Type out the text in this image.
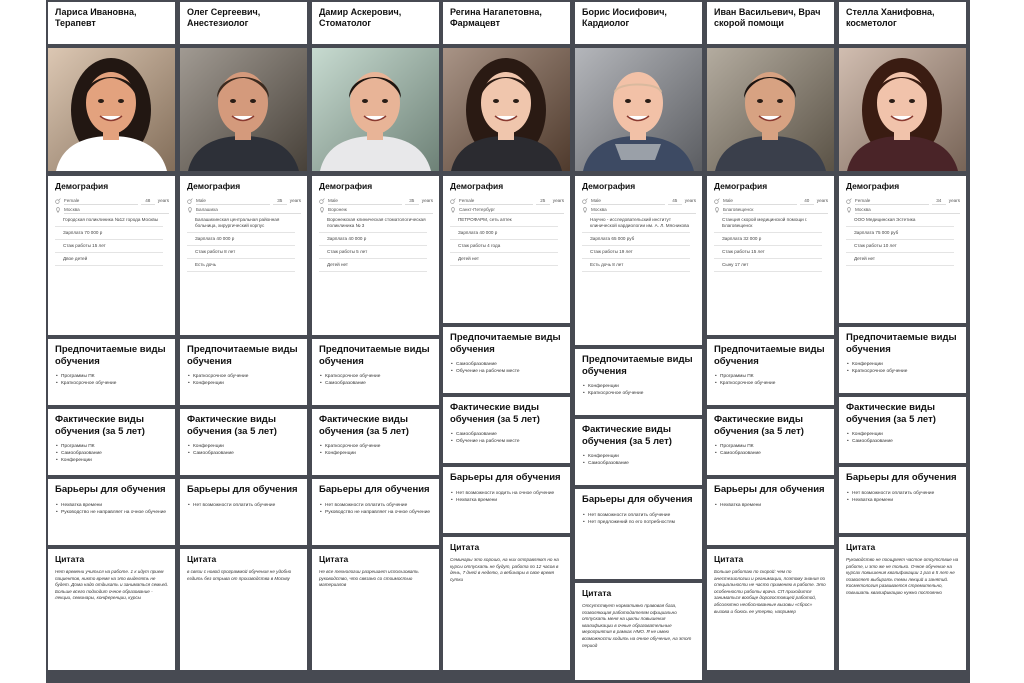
Лариса Ивановна, Терапевт
Демография
Female	48	years
Москва
Городская поликлиника №12 города Москвы
Зарплата 70 000 р
Стаж работы 15 лет
Двое детей
Предпочитаемые виды обучения
• Программы ПК
• Краткосрочное обучение
Фактические виды обучения (за 5 лет)
• Программы ПК
• Самообразование
• Конференции
Барьеры для обучения
• Нехватка времени
• Руководство не направляет на очное обучение
Цитата
Нет времени учиться на работе. 1 к идут прием пациентов, никто время на это выделять не будет. Дома надо отдыхать и заниматься семьей. Больше всего подходит очное образование - лекции, семинары, конференции, курсы
Олег Сергеевич, Анестезиолог
Демография
Male	35	years
Балашиха
Балашихинская центральная районная больница, хирургический корпус
Зарплата 40 000 р
Стаж работы 8 лет
Есть дочь
Предпочитаемые виды обучения
• Краткосрочное обучение
• Конференции
Фактические виды обучения (за 5 лет)
• Конференции
• Самообразование
Барьеры для обучения
• Нет возможности оплатить обучение
Цитата
в связи с новой программой обучения не удобно ездить без отрыва от производства в Москву
Дамир Аскерович, Стоматолог
Демография
Male	35	years
Воронеж
Воронежская клиническая стоматологическая поликлиника № 3
Зарплата 40 000 р
Стаж работы 5 лет
Детей нет
Предпочитаемые виды обучения
• Краткосрочное обучение
• Самообразование
Фактические виды обучения (за 5 лет)
• Краткосрочное обучение
• Конференции
Барьеры для обучения
• Нет возможности оплатить обучение
• Руководство не направляет на очное обучение
Цитата
Не все технологии разрешает использовать руководство, что связано со стоимостью материалов
Регина Нагапетовна, Фармацевт
Демография
Female	25	years
Санкт-Петербург
ПЕТРОФАРМ, сеть аптек
Зарплата 40 000 р
Стаж работы 4 года
Детей нет
Предпочитаемые виды обучения
• Самообразование
• Обучение на рабочем месте
Фактические виды обучения (за 5 лет)
• Самообразование
• Обучение на рабочем месте
Барьеры для обучения
• Нет возможности ходить на очное обучение
• Нехватка времени
Цитата
Семинары это хорошо, на них отправляют но на курсы отпускать не будут, работа по 12 часов в день, 7 дней в неделю, а вебинары в свое время сутки
Борис Иосифович, Кардиолог
Демография
Male	45	years
Москва
Научно - исследовательский институт клинической кардиологии им. А. Л. Мясникова
Зарплата 65 000 руб
Стаж работы 19 лет
Есть дочь 8 лет
Предпочитаемые виды обучения
• Конференции
• Краткосрочное обучение
Фактические виды обучения (за 5 лет)
• Конференции
• Самообразование
Барьеры для обучения
• Нет возможности оплатить обучение
• Нет предложений по его потребностям
Цитата
Отсутствует нормативно правовая база, позволяющая работодателям официально отпускать меня на циклы повышения квалификации в очные образовательные мероприятия в рамках НМО. Я не имею возможности ходить на очное обучение, на этот период
Иван Васильевич, Врач скорой помощи
Демография
Male	40	years
Благовещенск
Станция скорой медицинской помощи г. Благовещенск
Зарплата 32 000 р
Стаж работы 15 лет
Сыну 17 лет
Предпочитаемые виды обучения
• Программы ПК
• Краткосрочное обучение
Фактические виды обучения (за 5 лет)
• Программы ПК
• Самообразование
Барьеры для обучения
• Нехватка времени
Цитата
Больше работаю по скорой: чем по анестезиологии и реанимации, поэтому знания по специальности не часто применяю в работе. Это особенности работы врача. СП приходится заниматься вообще дорогостоящей работой, абсолютно необоснованные вызовы «сброс» вызова и боюсь ее утеряю, например
Стелла Ханифовна, косметолог
Демография
Female	34	years
Москва
ООО Медицинская Эстетика
Зарплата 75 000 руб
Стаж работы 10 лет
Детей нет
Предпочитаемые виды обучения
• Конференции
• Краткосрочное обучение
Фактические виды обучения (за 5 лет)
• Конференции
• Самообразование
Барьеры для обучения
• Нет возможности оплатить обучение
• Нехватка времени
Цитата
Руководство не поощряет частое отсутствие на работе, и это же не только. Очное обучение на курсах повышения квалификации 1 раз в 5 лет не позволяет выбирать темы лекций и занятий. Косметология развивается стремительно, повышать квалификацию нужно постоянно
